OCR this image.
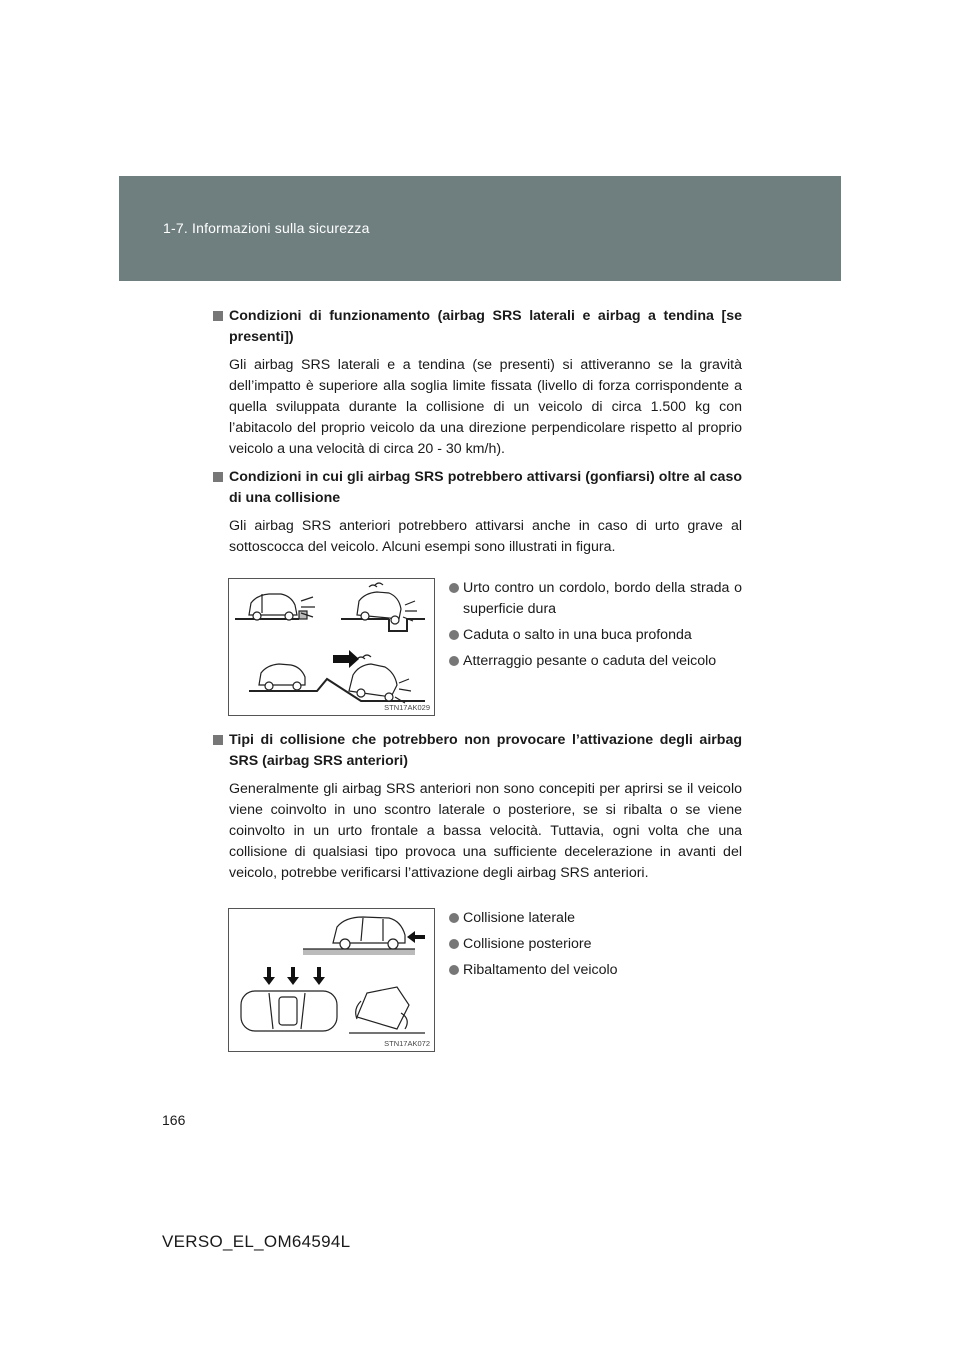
1-7. Informazioni sulla sicurezza
Condizioni di funzionamento (airbag SRS laterali e airbag a tendina [se presenti])
Gli airbag SRS laterali e a tendina (se presenti) si attiveranno se la gravità dell’impatto è superiore alla soglia limite fissata (livello di forza corrispondente a quella sviluppata durante la collisione di un veicolo di circa 1.500 kg con l’abitacolo del proprio veicolo da una direzione perpendicolare rispetto al proprio veicolo a una velocità di circa 20 - 30 km/h).
Condizioni in cui gli airbag SRS potrebbero attivarsi (gonfiarsi) oltre al caso di una collisione
Gli airbag SRS anteriori potrebbero attivarsi anche in caso di urto grave al sottoscocca del veicolo. Alcuni esempi sono illustrati in figura.
STN17AK029
Urto contro un cordolo, bordo della strada o superficie dura
Caduta o salto in una buca profonda
Atterraggio pesante o caduta del veicolo
Tipi di collisione che potrebbero non provocare l’attivazione degli airbag SRS (airbag SRS anteriori)
Generalmente gli airbag SRS anteriori non sono concepiti per aprirsi se il veicolo viene coinvolto in uno scontro laterale o posteriore, se si ribalta o se viene coinvolto in un urto frontale a bassa velocità. Tuttavia, ogni volta che una collisione di qualsiasi tipo provoca una sufficiente decelerazione in avanti del veicolo, potrebbe verificarsi l’attivazione degli airbag SRS anteriori.
STN17AK072
Collisione laterale
Collisione posteriore
Ribaltamento del veicolo
166
VERSO_EL_OM64594L
